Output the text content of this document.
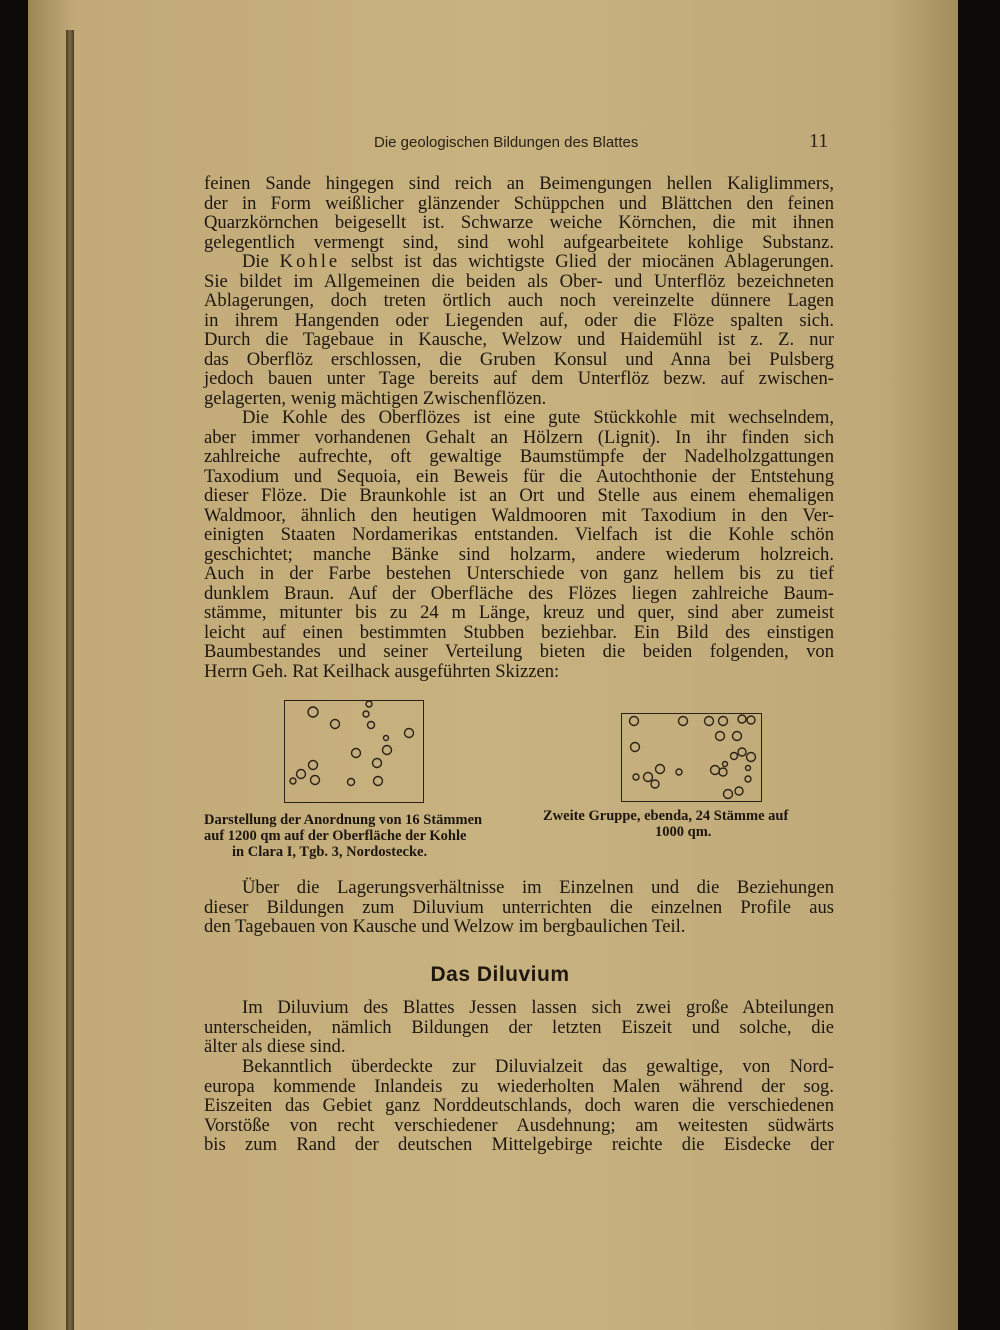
Die geologischen Bildungen des Blattes	11
feinen Sande hingegen sind reich an Beimengungen hellen Kaliglimmers,
der in Form weißlicher glänzender Schüppchen und Blättchen den feinen
Quarzkörnchen beigesellt ist. Schwarze weiche Körnchen, die mit ihnen
gelegentlich vermengt sind, sind wohl aufgearbeitete kohlige Substanz.
Die Kohle selbst ist das wichtigste Glied der miocänen Ablagerungen.
Sie bildet im Allgemeinen die beiden als Ober- und Unterflöz bezeichneten
Ablagerungen, doch treten örtlich auch noch vereinzelte dünnere Lagen
in ihrem Hangenden oder Liegenden auf, oder die Flöze spalten sich.
Durch die Tagebaue in Kausche, Welzow und Haidemühl ist z. Z. nur
das Oberflöz erschlossen, die Gruben Konsul und Anna bei Pulsberg
jedoch bauen unter Tage bereits auf dem Unterflöz bezw. auf zwischen-
gelagerten, wenig mächtigen Zwischenflözen.
Die Kohle des Oberflözes ist eine gute Stückkohle mit wechselndem,
aber immer vorhandenen Gehalt an Hölzern (Lignit). In ihr finden sich
zahlreiche aufrechte, oft gewaltige Baumstümpfe der Nadelholzgattungen
Taxodium und Sequoia, ein Beweis für die Autochthonie der Entstehung
dieser Flöze. Die Braunkohle ist an Ort und Stelle aus einem ehemaligen
Waldmoor, ähnlich den heutigen Waldmooren mit Taxodium in den Ver-
einigten Staaten Nordamerikas entstanden. Vielfach ist die Kohle schön
geschichtet; manche Bänke sind holzarm, andere wiederum holzreich.
Auch in der Farbe bestehen Unterschiede von ganz hellem bis zu tief
dunklem Braun. Auf der Oberfläche des Flözes liegen zahlreiche Baum-
stämme, mitunter bis zu 24 m Länge, kreuz und quer, sind aber zumeist
leicht auf einen bestimmten Stubben beziehbar. Ein Bild des einstigen
Baumbestandes und seiner Verteilung bieten die beiden folgenden, von
Herrn Geh. Rat Keilhack ausgeführten Skizzen:
Darstellung der Anordnung von 16 Stämmen
auf 1200 qm auf der Oberfläche der Kohle
in Clara I, Tgb. 3, Nordostecke.
Zweite Gruppe, ebenda, 24 Stämme auf
1000 qm.
Über die Lagerungsverhältnisse im Einzelnen und die Beziehungen
dieser Bildungen zum Diluvium unterrichten die einzelnen Profile aus
den Tagebauen von Kausche und Welzow im bergbaulichen Teil.
Das Diluvium
Im Diluvium des Blattes Jessen lassen sich zwei große Abteilungen
unterscheiden, nämlich Bildungen der letzten Eiszeit und solche, die
älter als diese sind.
Bekanntlich überdeckte zur Diluvialzeit das gewaltige, von Nord-
europa kommende Inlandeis zu wiederholten Malen während der sog.
Eiszeiten das Gebiet ganz Norddeutschlands, doch waren die verschiedenen
Vorstöße von recht verschiedener Ausdehnung; am weitesten südwärts
bis zum Rand der deutschen Mittelgebirge reichte die Eisdecke der
